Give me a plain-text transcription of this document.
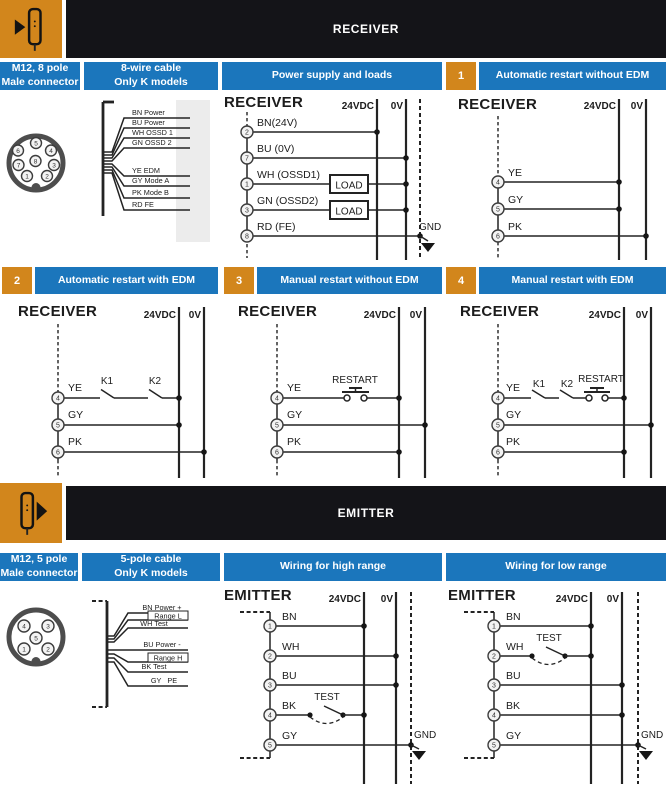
RECEIVER
M12, 8 pole
Male connector
8-wire cable
Only K models
Power supply and loads	1	Automatic restart without EDM
1	2
3
4
5
6
7
8
BN Power
BU Power
WH OSSD 1
GN OSSD 2
YE EDM
GY Mode A
PK Mode B
RD FE
RECEIVER	24VDC 0V
LOAD
LOAD
GND
2
7
1
3
8
BN(24V)
BU (0V)
WH (OSSD1)
GN (OSSD2)
RD (FE)
RECEIVER	24VDC 0V
4
5
6
YE
GY
PK
2	Automatic restart with EDM	3	Manual restart without EDM	4	Manual restart with EDM
RECEIVER	24VDC 0V
K1	K2
4
5
6
YE
GY
PK
RECEIVER	24VDC 0V
RESTART
4
5
6
YE
GY
PK
RECEIVER	24VDC 0V
K1 K2 RESTART
4
5
6
YE
GY
PK
EMITTER
M12, 5 pole
Male connector
5-pole cable
Only K models
Wiring for high range	Wiring for low range
1	2
3
4
5
BN Power +
Range L
WH Test
BU Power -
Range H
BK Test
GY   PE
EMITTER	24VDC 0V
GND
TEST
1
2
3
4
5
BN
WH
BU
BK
GY
EMITTER	24VDC 0V
GND
TEST
1
2
3
4
5
BN
WH
BU
BK
GY
